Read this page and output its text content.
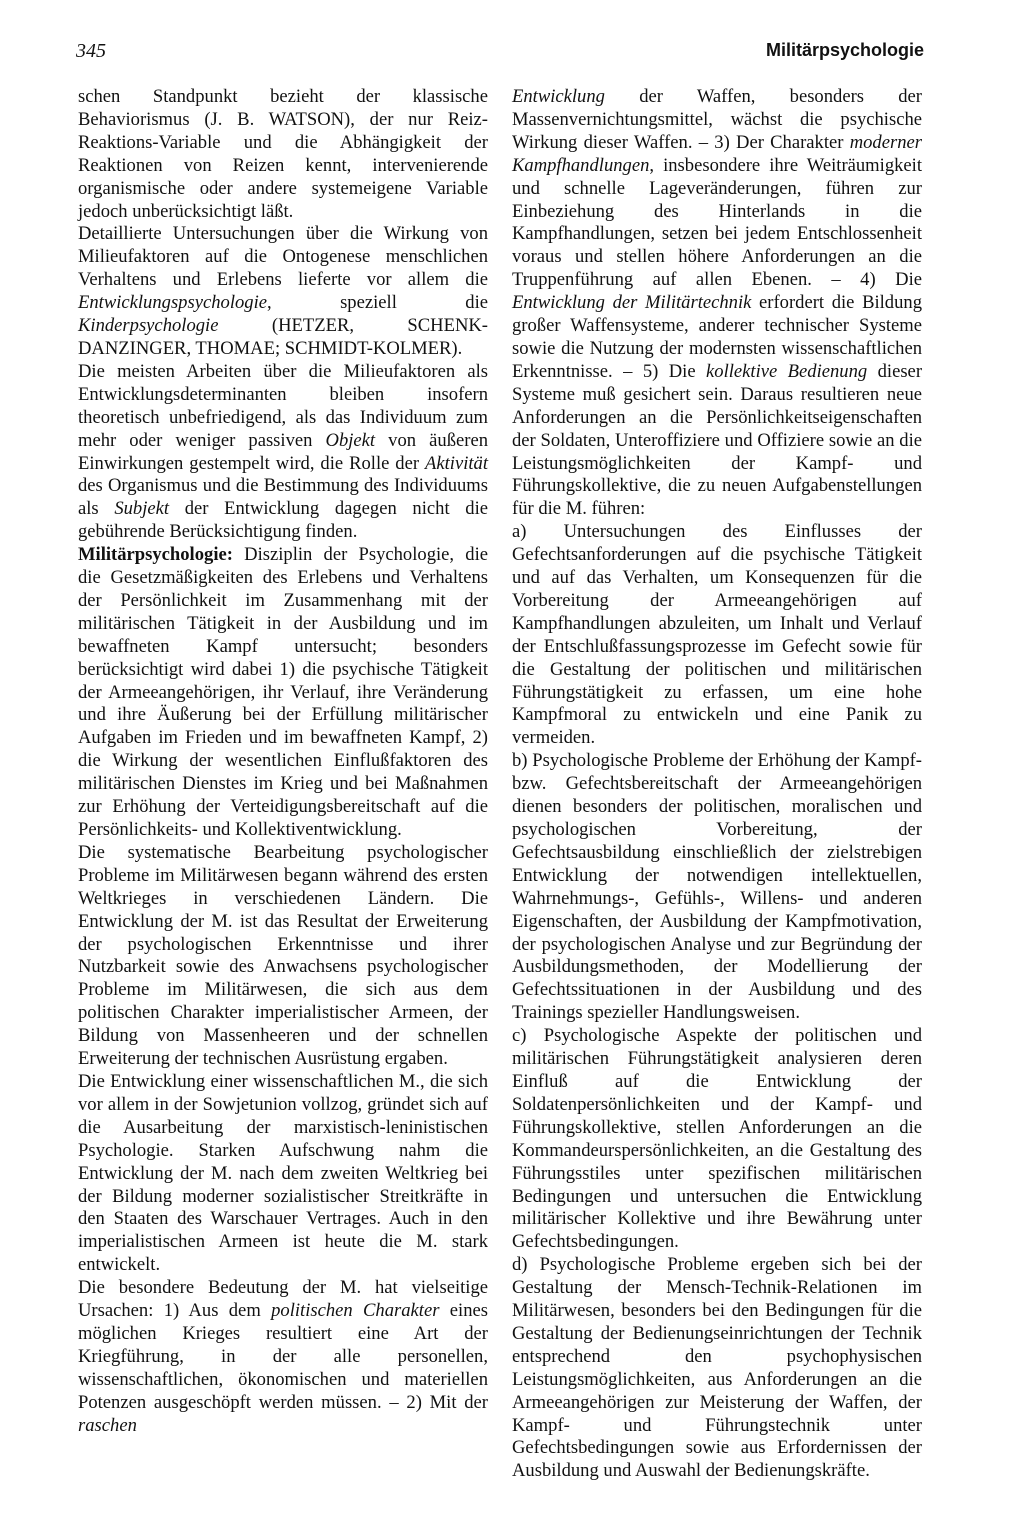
345	Militärpsychologie

schen Standpunkt bezieht der klassische Behaviorismus (J. B. WATSON), der nur Reiz-Reaktions-Variable und die Abhängigkeit der Reaktionen von Reizen kennt, intervenierende organismische oder andere systemeigene Variable jedoch unberücksichtigt läßt.

Detaillierte Untersuchungen über die Wirkung von Milieufaktoren auf die Ontogenese menschlichen Verhaltens und Erlebens lieferte vor allem die Entwicklungspsychologie, speziell die Kinderpsychologie (HETZER, SCHENK-DANZINGER, THOMAE; SCHMIDT-KOLMER).

Die meisten Arbeiten über die Milieufaktoren als Entwicklungsdeterminanten bleiben insofern theoretisch unbefriedigend, als das Individuum zum mehr oder weniger passiven Objekt von äußeren Einwirkungen gestempelt wird, die Rolle der Aktivität des Organismus und die Bestimmung des Individuums als Subjekt der Entwicklung dagegen nicht die gebührende Berücksichtigung finden.

Militärpsychologie: Disziplin der Psychologie, die die Gesetzmäßigkeiten des Erlebens und Verhaltens der Persönlichkeit im Zusammenhang mit der militärischen Tätigkeit in der Ausbildung und im bewaffneten Kampf untersucht; besonders berücksichtigt wird dabei 1) die psychische Tätigkeit der Armeeangehörigen, ihr Verlauf, ihre Veränderung und ihre Äußerung bei der Erfüllung militärischer Aufgaben im Frieden und im bewaffneten Kampf, 2) die Wirkung der wesentlichen Einflußfaktoren des militärischen Dienstes im Krieg und bei Maßnahmen zur Erhöhung der Verteidigungsbereitschaft auf die Persönlichkeits- und Kollektiventwicklung.

Die systematische Bearbeitung psychologischer Probleme im Militärwesen begann während des ersten Weltkrieges in verschiedenen Ländern. Die Entwicklung der M. ist das Resultat der Erweiterung der psychologischen Erkenntnisse und ihrer Nutzbarkeit sowie des Anwachsens psychologischer Probleme im Militärwesen, die sich aus dem politischen Charakter imperialistischer Armeen, der Bildung von Massenheeren und der schnellen Erweiterung der technischen Ausrüstung ergaben.

Die Entwicklung einer wissenschaftlichen M., die sich vor allem in der Sowjetunion vollzog, gründet sich auf die Ausarbeitung der marxistisch-leninistischen Psychologie. Starken Aufschwung nahm die Entwicklung der M. nach dem zweiten Weltkrieg bei der Bildung moderner sozialistischer Streitkräfte in den Staaten des Warschauer Vertrages. Auch in den imperialistischen Armeen ist heute die M. stark entwickelt.

Die besondere Bedeutung der M. hat vielseitige Ursachen: 1) Aus dem politischen Charakter eines möglichen Krieges resultiert eine Art der Kriegführung, in der alle personellen, wissenschaftlichen, ökonomischen und materiellen Potenzen ausgeschöpft werden müssen. – 2) Mit der raschen

Entwicklung der Waffen, besonders der Massenvernichtungsmittel, wächst die psychische Wirkung dieser Waffen. – 3) Der Charakter moderner Kampfhandlungen, insbesondere ihre Weiträumigkeit und schnelle Lageveränderungen, führen zur Einbeziehung des Hinterlands in die Kampfhandlungen, setzen bei jedem Entschlossenheit voraus und stellen höhere Anforderungen an die Truppenführung auf allen Ebenen. – 4) Die Entwicklung der Militärtechnik erfordert die Bildung großer Waffensysteme, anderer technischer Systeme sowie die Nutzung der modernsten wissenschaftlichen Erkenntnisse. – 5) Die kollektive Bedienung dieser Systeme muß gesichert sein. Daraus resultieren neue Anforderungen an die Persönlichkeitseigenschaften der Soldaten, Unteroffiziere und Offiziere sowie an die Leistungsmöglichkeiten der Kampf- und Führungskollektive, die zu neuen Aufgabenstellungen für die M. führen:

a) Untersuchungen des Einflusses der Gefechtsanforderungen auf die psychische Tätigkeit und auf das Verhalten, um Konsequenzen für die Vorbereitung der Armeeangehörigen auf Kampfhandlungen abzuleiten, um Inhalt und Verlauf der Entschlußfassungsprozesse im Gefecht sowie für die Gestaltung der politischen und militärischen Führungstätigkeit zu erfassen, um eine hohe Kampfmoral zu entwickeln und eine Panik zu vermeiden.

b) Psychologische Probleme der Erhöhung der Kampf- bzw. Gefechtsbereitschaft der Armeeangehörigen dienen besonders der politischen, moralischen und psychologischen Vorbereitung, der Gefechtsausbildung einschließlich der zielstrebigen Entwicklung der notwendigen intellektuellen, Wahrnehmungs-, Gefühls-, Willens- und anderen Eigenschaften, der Ausbildung der Kampfmotivation, der psychologischen Analyse und zur Begründung der Ausbildungsmethoden, der Modellierung der Gefechtssituationen in der Ausbildung und des Trainings spezieller Handlungsweisen.

c) Psychologische Aspekte der politischen und militärischen Führungstätigkeit analysieren deren Einfluß auf die Entwicklung der Soldatenpersönlichkeiten und der Kampf- und Führungskollektive, stellen Anforderungen an die Kommandeurspersönlichkeiten, an die Gestaltung des Führungsstiles unter spezifischen militärischen Bedingungen und untersuchen die Entwicklung militärischer Kollektive und ihre Bewährung unter Gefechtsbedingungen.

d) Psychologische Probleme ergeben sich bei der Gestaltung der Mensch-Technik-Relationen im Militärwesen, besonders bei den Bedingungen für die Gestaltung der Bedienungseinrichtungen der Technik entsprechend den psychophysischen Leistungsmöglichkeiten, aus Anforderungen an die Armeeangehörigen zur Meisterung der Waffen, der Kampf- und Führungstechnik unter Gefechtsbedingungen sowie aus Erfordernissen der Ausbildung und Auswahl der Bedienungskräfte.
